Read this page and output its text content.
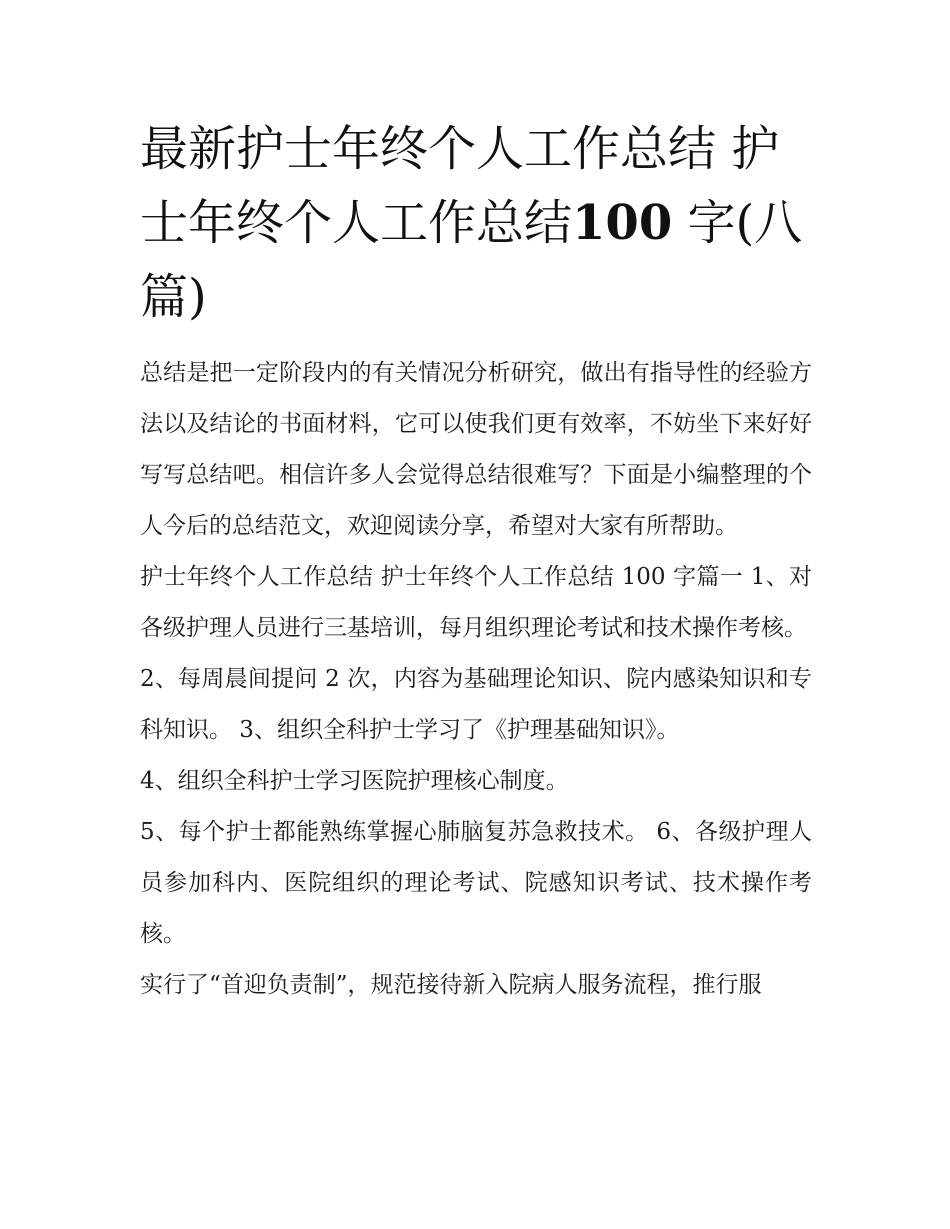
最新护士年终个人工作总结 护士年终个人工作总结100 字(八篇)

总结是把一定阶段内的有关情况分析研究，做出有指导性的经验方法以及结论的书面材料，它可以使我们更有效率，不妨坐下来好好写写总结吧。相信许多人会觉得总结很难写？下面是小编整理的个人今后的总结范文，欢迎阅读分享，希望对大家有所帮助。

护士年终个人工作总结 护士年终个人工作总结 100 字篇一 1、对各级护理人员进行三基培训，每月组织理论考试和技术操作考核。

2、每周晨间提问 2 次，内容为基础理论知识、院内感染知识和专科知识。 3、组织全科护士学习了《护理基础知识》。

4、组织全科护士学习医院护理核心制度。

5、每个护士都能熟练掌握心肺脑复苏急救技术。 6、各级护理人员参加科内、医院组织的理论考试、院感知识考试、技术操作考核。

实行了“首迎负责制”，规范接待新入院病人服务流程，推行服
